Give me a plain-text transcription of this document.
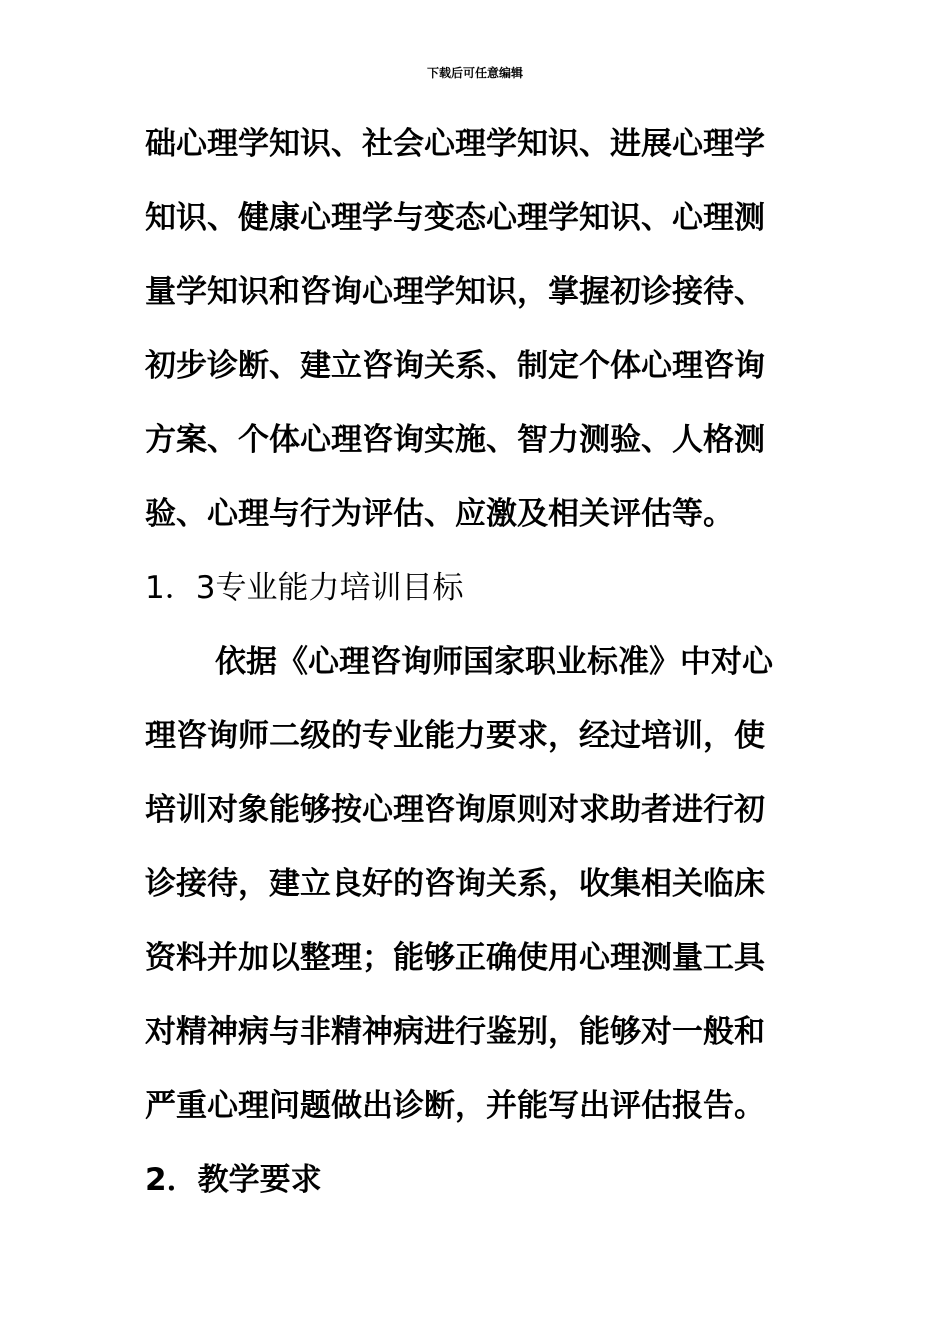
下载后可任意编辑
础心理学知识、社会心理学知识、进展心理学
知识、健康心理学与变态心理学知识、心理测
量学知识和咨询心理学知识，掌握初诊接待、
初步诊断、建立咨询关系、制定个体心理咨询
方案、个体心理咨询实施、智力测验、人格测
验、心理与行为评估、应激及相关评估等。
1．3专业能力培训目标
依据《心理咨询师国家职业标准》中对心
理咨询师二级的专业能力要求，经过培训，使
培训对象能够按心理咨询原则对求助者进行初
诊接待，建立良好的咨询关系，收集相关临床
资料并加以整理；能够正确使用心理测量工具
对精神病与非精神病进行鉴别，能够对一般和
严重心理问题做出诊断，并能写出评估报告。
2．教学要求
